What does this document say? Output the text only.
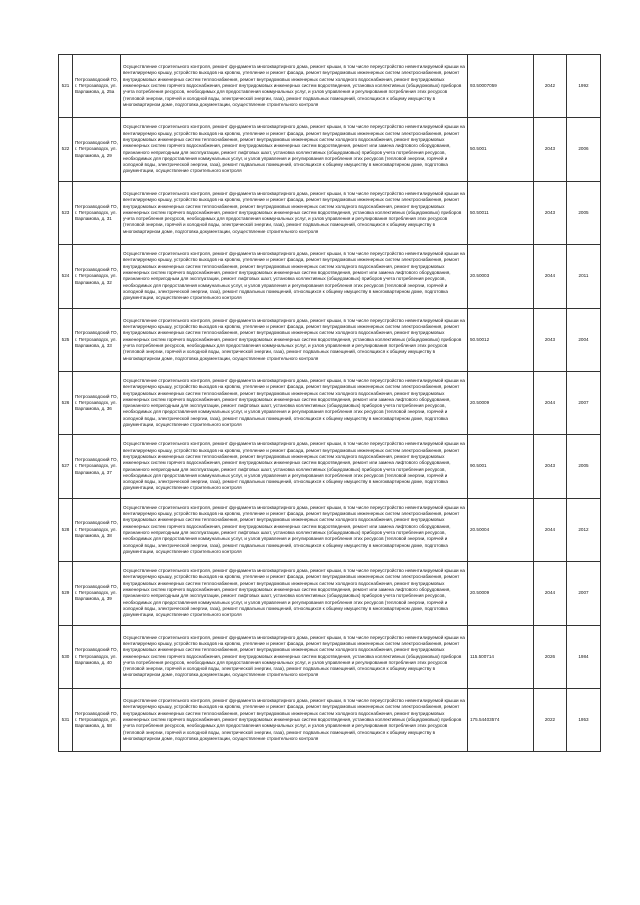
521	Петрозаводский ГО, г. Петрозаводск, ул. Варламова, д. 25а	Осуществление строительного контроля, ремонт фундамента многоквартирного дома, ремонт крыши, в том числе переустройство невентилируемой крыши на вентилируемую крышу, устройство выходов на кровлю, утепление и ремонт фасада, ремонт внутридомовых инженерных систем электроснабжения, ремонт внутридомовых инженерных систем теплоснабжения, ремонт внутридомовых инженерных систем холодного водоснабжения, ремонт внутридомовых инженерных систем горячего водоснабжения, ремонт внутридомовых инженерных систем водоотведения, установка коллективных (общедомовых) приборов учета потребления ресурсов, необходимых для предоставления коммунальных услуг, и узлов управления и регулирования потребления этих ресурсов (тепловой энергии, горячей и холодной воды, электрической энергии, газа), ремонт подвальных помещений, относящихся к общему имуществу в многоквартирном доме, подготовка документации, осуществление строительного контроля	93.50007059	2042	1992
522	Петрозаводский ГО, г. Петрозаводск, ул. Варламова, д. 29	Осуществление строительного контроля, ремонт фундамента многоквартирного дома, ремонт крыши, в том числе переустройство невентилируемой крыши на вентилируемую крышу, устройство выходов на кровлю, утепление и ремонт фасада, ремонт внутридомовых инженерных систем электроснабжения, ремонт внутридомовых инженерных систем теплоснабжения, ремонт внутридомовых инженерных систем холодного водоснабжения, ремонт внутридомовых инженерных систем горячего водоснабжения, ремонт внутридомовых инженерных систем водоотведения, ремонт или замена лифтового оборудования, признанного непригодным для эксплуатации, ремонт лифтовых шахт, установка коллективных (общедомовых) приборов учета потребления ресурсов, необходимых для предоставления коммунальных услуг, и узлов управления и регулирования потребления этих ресурсов (тепловой энергии, горячей и холодной воды, электрической энергии, газа), ремонт подвальных помещений, относящихся к общему имуществу в многоквартирном доме, подготовка документации, осуществление строительного контроля	50.5001	2043	2006
523	Петрозаводский ГО, г. Петрозаводск, ул. Варламова, д. 31	Осуществление строительного контроля, ремонт фундамента многоквартирного дома, ремонт крыши, в том числе переустройство невентилируемой крыши на вентилируемую крышу, устройство выходов на кровлю, утепление и ремонт фасада, ремонт внутридомовых инженерных систем электроснабжения, ремонт внутридомовых инженерных систем теплоснабжения, ремонт внутридомовых инженерных систем холодного водоснабжения, ремонт внутридомовых инженерных систем горячего водоснабжения, ремонт внутридомовых инженерных систем водоотведения, установка коллективных (общедомовых) приборов учета потребления ресурсов, необходимых для предоставления коммунальных услуг, и узлов управления и регулирования потребления этих ресурсов (тепловой энергии, горячей и холодной воды, электрической энергии, газа), ремонт подвальных помещений, относящихся к общему имуществу в многоквартирном доме, подготовка документации, осуществление строительного контроля	50.50011	2043	2005
524	Петрозаводский ГО, г. Петрозаводск, ул. Варламова, д. 32	Осуществление строительного контроля, ремонт фундамента многоквартирного дома, ремонт крыши, в том числе переустройство невентилируемой крыши на вентилируемую крышу, устройство выходов на кровлю, утепление и ремонт фасада, ремонт внутридомовых инженерных систем электроснабжения, ремонт внутридомовых инженерных систем теплоснабжения, ремонт внутридомовых инженерных систем холодного водоснабжения, ремонт внутридомовых инженерных систем горячего водоснабжения, ремонт внутридомовых инженерных систем водоотведения, ремонт или замена лифтового оборудования, признанного непригодным для эксплуатации, ремонт лифтовых шахт, установка коллективных (общедомовых) приборов учета потребления ресурсов, необходимых для предоставления коммунальных услуг, и узлов управления и регулирования потребления этих ресурсов (тепловой энергии, горячей и холодной воды, электрической энергии, газа), ремонт подвальных помещений, относящихся к общему имуществу в многоквартирном доме, подготовка документации, осуществление строительного контроля	20.50003	2044	2011
525	Петрозаводский ГО, г. Петрозаводск, ул. Варламова, д. 33	Осуществление строительного контроля, ремонт фундамента многоквартирного дома, ремонт крыши, в том числе переустройство невентилируемой крыши на вентилируемую крышу, устройство выходов на кровлю, утепление и ремонт фасада, ремонт внутридомовых инженерных систем электроснабжения, ремонт внутридомовых инженерных систем теплоснабжения, ремонт внутридомовых инженерных систем холодного водоснабжения, ремонт внутридомовых инженерных систем горячего водоснабжения, ремонт внутридомовых инженерных систем водоотведения, установка коллективных (общедомовых) приборов учета потребления ресурсов, необходимых для предоставления коммунальных услуг, и узлов управления и регулирования потребления этих ресурсов (тепловой энергии, горячей и холодной воды, электрической энергии, газа), ремонт подвальных помещений, относящихся к общему имуществу в многоквартирном доме, подготовка документации, осуществление строительного контроля	50.50012	2043	2004
526	Петрозаводский ГО, г. Петрозаводск, ул. Варламова, д. 36	Осуществление строительного контроля, ремонт фундамента многоквартирного дома, ремонт крыши, в том числе переустройство невентилируемой крыши на вентилируемую крышу, устройство выходов на кровлю, утепление и ремонт фасада, ремонт внутридомовых инженерных систем электроснабжения, ремонт внутридомовых инженерных систем теплоснабжения, ремонт внутридомовых инженерных систем холодного водоснабжения, ремонт внутридомовых инженерных систем горячего водоснабжения, ремонт внутридомовых инженерных систем водоотведения, ремонт или замена лифтового оборудования, признанного непригодным для эксплуатации, ремонт лифтовых шахт, установка коллективных (общедомовых) приборов учета потребления ресурсов, необходимых для предоставления коммунальных услуг, и узлов управления и регулирования потребления этих ресурсов (тепловой энергии, горячей и холодной воды, электрической энергии, газа), ремонт подвальных помещений, относящихся к общему имуществу в многоквартирном доме, подготовка документации, осуществление строительного контроля	20.50009	2044	2007
527	Петрозаводский ГО, г. Петрозаводск, ул. Варламова, д. 37	Осуществление строительного контроля, ремонт фундамента многоквартирного дома, ремонт крыши, в том числе переустройство невентилируемой крыши на вентилируемую крышу, устройство выходов на кровлю, утепление и ремонт фасада, ремонт внутридомовых инженерных систем электроснабжения, ремонт внутридомовых инженерных систем теплоснабжения, ремонт внутридомовых инженерных систем холодного водоснабжения, ремонт внутридомовых инженерных систем горячего водоснабжения, ремонт внутридомовых инженерных систем водоотведения, ремонт или замена лифтового оборудования, признанного непригодным для эксплуатации, ремонт лифтовых шахт, установка коллективных (общедомовых) приборов учета потребления ресурсов, необходимых для предоставления коммунальных услуг, и узлов управления и регулирования потребления этих ресурсов (тепловой энергии, горячей и холодной воды, электрической энергии, газа), ремонт подвальных помещений, относящихся к общему имуществу в многоквартирном доме, подготовка документации, осуществление строительного контроля	90.5001	2043	2005
528	Петрозаводский ГО, г. Петрозаводск, ул. Варламова, д. 38	Осуществление строительного контроля, ремонт фундамента многоквартирного дома, ремонт крыши, в том числе переустройство невентилируемой крыши на вентилируемую крышу, устройство выходов на кровлю, утепление и ремонт фасада, ремонт внутридомовых инженерных систем электроснабжения, ремонт внутридомовых инженерных систем теплоснабжения, ремонт внутридомовых инженерных систем холодного водоснабжения, ремонт внутридомовых инженерных систем горячего водоснабжения, ремонт внутридомовых инженерных систем водоотведения, ремонт или замена лифтового оборудования, признанного непригодным для эксплуатации, ремонт лифтовых шахт, установка коллективных (общедомовых) приборов учета потребления ресурсов, необходимых для предоставления коммунальных услуг, и узлов управления и регулирования потребления этих ресурсов (тепловой энергии, горячей и холодной воды, электрической энергии, газа), ремонт подвальных помещений, относящихся к общему имуществу в многоквартирном доме, подготовка документации, осуществление строительного контроля	20.50004	2044	2012
529	Петрозаводский ГО, г. Петрозаводск, ул. Варламова, д. 39	Осуществление строительного контроля, ремонт фундамента многоквартирного дома, ремонт крыши, в том числе переустройство невентилируемой крыши на вентилируемую крышу, устройство выходов на кровлю, утепление и ремонт фасада, ремонт внутридомовых инженерных систем электроснабжения, ремонт внутридомовых инженерных систем теплоснабжения, ремонт внутридомовых инженерных систем холодного водоснабжения, ремонт внутридомовых инженерных систем горячего водоснабжения, ремонт внутридомовых инженерных систем водоотведения, ремонт или замена лифтового оборудования, признанного непригодным для эксплуатации, ремонт лифтовых шахт, установка коллективных (общедомовых) приборов учета потребления ресурсов, необходимых для предоставления коммунальных услуг, и узлов управления и регулирования потребления этих ресурсов (тепловой энергии, горячей и холодной воды, электрической энергии, газа), ремонт подвальных помещений, относящихся к общему имуществу в многоквартирном доме, подготовка документации, осуществление строительного контроля	20.50009	2044	2007
530	Петрозаводский ГО, г. Петрозаводск, ул. Варламова, д. 40	Осуществление строительного контроля, ремонт фундамента многоквартирного дома, ремонт крыши, в том числе переустройство невентилируемой крыши на вентилируемую крышу, устройство выходов на кровлю, утепление и ремонт фасада, ремонт внутридомовых инженерных систем электроснабжения, ремонт внутридомовых инженерных систем теплоснабжения, ремонт внутридомовых инженерных систем холодного водоснабжения, ремонт внутридомовых инженерных систем горячего водоснабжения, ремонт внутридомовых инженерных систем водоотведения, установка коллективных (общедомовых) приборов учета потребления ресурсов, необходимых для предоставления коммунальных услуг, и узлов управления и регулирования потребления этих ресурсов (тепловой энергии, горячей и холодной воды, электрической энергии, газа), ремонт подвальных помещений, относящихся к общему имуществу в многоквартирном доме, подготовка документации, осуществление строительного контроля	115.500714	2026	1984
531	Петрозаводский ГО, г. Петрозаводск, ул. Варламова, д. 58	Осуществление строительного контроля, ремонт фундамента многоквартирного дома, ремонт крыши, в том числе переустройство невентилируемой крыши на вентилируемую крышу, устройство выходов на кровлю, утепление и ремонт фасада, ремонт внутридомовых инженерных систем электроснабжения, ремонт внутридомовых инженерных систем теплоснабжения, ремонт внутридомовых инженерных систем холодного водоснабжения, ремонт внутридомовых инженерных систем горячего водоснабжения, ремонт внутридомовых инженерных систем водоотведения, установка коллективных (общедомовых) приборов учета потребления ресурсов, необходимых для предоставления коммунальных услуг, и узлов управления и регулирования потребления этих ресурсов (тепловой энергии, горячей и холодной воды, электрической энергии, газа), ремонт подвальных помещений, относящихся к общему имуществу в многоквартирном доме, подготовка документации, осуществление строительного контроля	175.54403574	2022	1953
